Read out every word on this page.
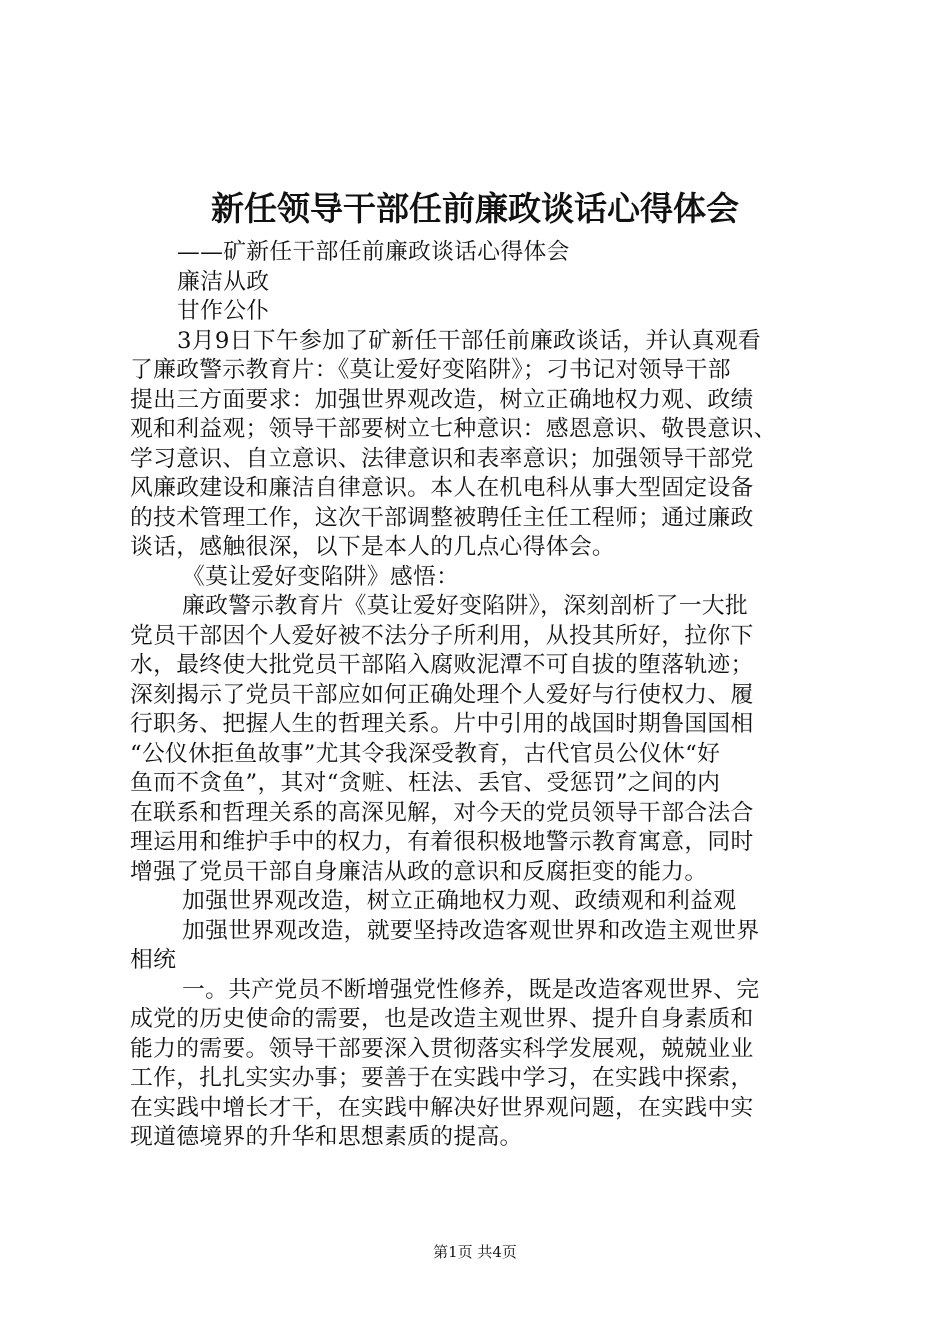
新任领导干部任前廉政谈话心得体会
——矿新任干部任前廉政谈话心得体会
廉洁从政
甘作公仆
3月9日下午参加了矿新任干部任前廉政谈话，并认真观看
了廉政警示教育片：《莫让爱好变陷阱》；刁书记对领导干部
提出三方面要求：加强世界观改造，树立正确地权力观、政绩
观和利益观；领导干部要树立七种意识：感恩意识、敬畏意识、
学习意识、自立意识、法律意识和表率意识；加强领导干部党
风廉政建设和廉洁自律意识。本人在机电科从事大型固定设备
的技术管理工作，这次干部调整被聘任主任工程师；通过廉政
谈话，感触很深，以下是本人的几点心得体会。
《莫让爱好变陷阱》感悟：
廉政警示教育片《莫让爱好变陷阱》，深刻剖析了一大批
党员干部因个人爱好被不法分子所利用，从投其所好，拉你下
水，最终使大批党员干部陷入腐败泥潭不可自拔的堕落轨迹；
深刻揭示了党员干部应如何正确处理个人爱好与行使权力、履
行职务、把握人生的哲理关系。片中引用的战国时期鲁国国相
“公仪休拒鱼故事”尤其令我深受教育，古代官员公仪休“好
鱼而不贪鱼”，其对“贪赃、枉法、丢官、受惩罚”之间的内
在联系和哲理关系的高深见解，对今天的党员领导干部合法合
理运用和维护手中的权力，有着很积极地警示教育寓意，同时
增强了党员干部自身廉洁从政的意识和反腐拒变的能力。
加强世界观改造，树立正确地权力观、政绩观和利益观
加强世界观改造，就要坚持改造客观世界和改造主观世界
相统
一。共产党员不断增强党性修养，既是改造客观世界、完
成党的历史使命的需要，也是改造主观世界、提升自身素质和
能力的需要。领导干部要深入贯彻落实科学发展观，兢兢业业
工作，扎扎实实办事；要善于在实践中学习，在实践中探索，
在实践中增长才干，在实践中解决好世界观问题，在实践中实
现道德境界的升华和思想素质的提高。
第1页 共4页
